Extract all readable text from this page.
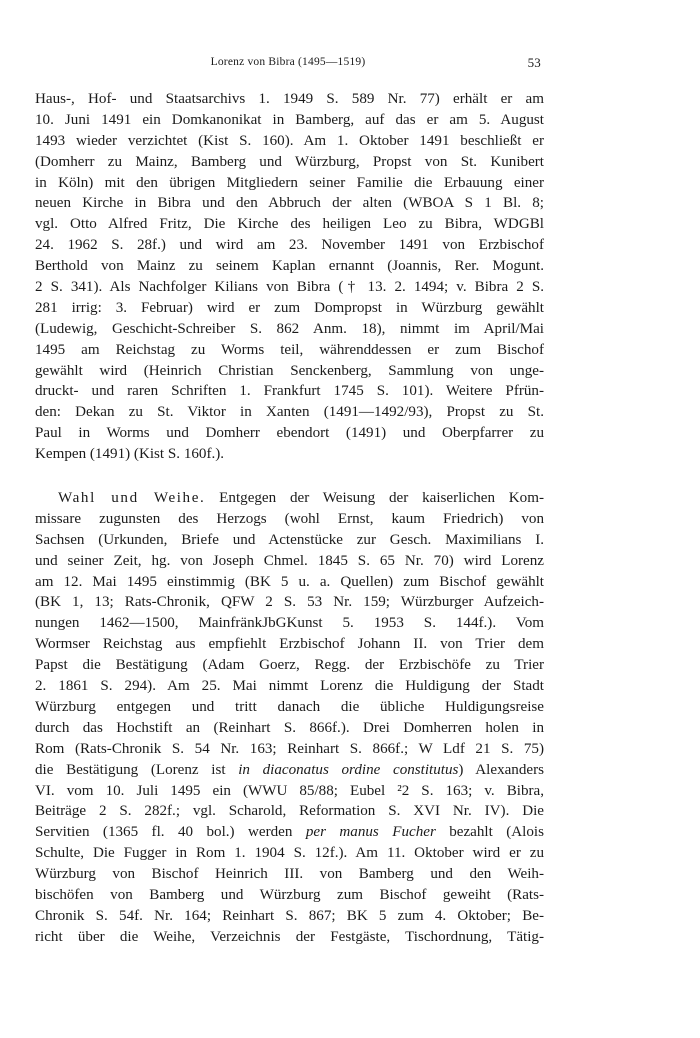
Lorenz von Bibra (1495—1519)	53
Haus-, Hof- und Staatsarchivs 1. 1949 S. 589 Nr. 77) erhält er am
10. Juni 1491 ein Domkanonikat in Bamberg, auf das er am 5. August
1493 wieder verzichtet (Kist S. 160). Am 1. Oktober 1491 beschließt er
(Domherr zu Mainz, Bamberg und Würzburg, Propst von St. Kunibert
in Köln) mit den übrigen Mitgliedern seiner Familie die Erbauung einer
neuen Kirche in Bibra und den Abbruch der alten (WBOA S 1 Bl. 8;
vgl. Otto Alfred Fritz, Die Kirche des heiligen Leo zu Bibra, WDGBl
24. 1962 S. 28f.) und wird am 23. November 1491 von Erzbischof
Berthold von Mainz zu seinem Kaplan ernannt (Joannis, Rer. Mogunt.
2 S. 341). Als Nachfolger Kilians von Bibra († 13. 2. 1494; v. Bibra 2 S.
281 irrig: 3. Februar) wird er zum Dompropst in Würzburg gewählt
(Ludewig, Geschicht-Schreiber S. 862 Anm. 18), nimmt im April/Mai
1495 am Reichstag zu Worms teil, währenddessen er zum Bischof
gewählt wird (Heinrich Christian Senckenberg, Sammlung von unge-
druckt- und raren Schriften 1. Frankfurt 1745 S. 101). Weitere Pfrün-
den: Dekan zu St. Viktor in Xanten (1491—1492/93), Propst zu St.
Paul in Worms und Domherr ebendort (1491) und Oberpfarrer zu
Kempen (1491) (Kist S. 160f.).
Wahl und Weihe. Entgegen der Weisung der kaiserlichen Kom-
missare zugunsten des Herzogs (wohl Ernst, kaum Friedrich) von
Sachsen (Urkunden, Briefe und Actenstücke zur Gesch. Maximilians I.
und seiner Zeit, hg. von Joseph Chmel. 1845 S. 65 Nr. 70) wird Lorenz
am 12. Mai 1495 einstimmig (BK 5 u. a. Quellen) zum Bischof gewählt
(BK 1, 13; Rats-Chronik, QFW 2 S. 53 Nr. 159; Würzburger Aufzeich-
nungen 1462—1500, MainfränkJbGKunst 5. 1953 S. 144f.). Vom
Wormser Reichstag aus empfiehlt Erzbischof Johann II. von Trier dem
Papst die Bestätigung (Adam Goerz, Regg. der Erzbischöfe zu Trier
2. 1861 S. 294). Am 25. Mai nimmt Lorenz die Huldigung der Stadt
Würzburg entgegen und tritt danach die übliche Huldigungsreise
durch das Hochstift an (Reinhart S. 866f.). Drei Domherren holen in
Rom (Rats-Chronik S. 54 Nr. 163; Reinhart S. 866f.; W Ldf 21 S. 75)
die Bestätigung (Lorenz ist in diaconatus ordine constitutus) Alexanders
VI. vom 10. Juli 1495 ein (WWU 85/88; Eubel ²2 S. 163; v. Bibra,
Beiträge 2 S. 282f.; vgl. Scharold, Reformation S. XVI Nr. IV). Die
Servitien (1365 fl. 40 bol.) werden per manus Fucher bezahlt (Alois
Schulte, Die Fugger in Rom 1. 1904 S. 12f.). Am 11. Oktober wird er zu
Würzburg von Bischof Heinrich III. von Bamberg und den Weih-
bischöfen von Bamberg und Würzburg zum Bischof geweiht (Rats-
Chronik S. 54f. Nr. 164; Reinhart S. 867; BK 5 zum 4. Oktober; Be-
richt über die Weihe, Verzeichnis der Festgäste, Tischordnung, Tätig-
